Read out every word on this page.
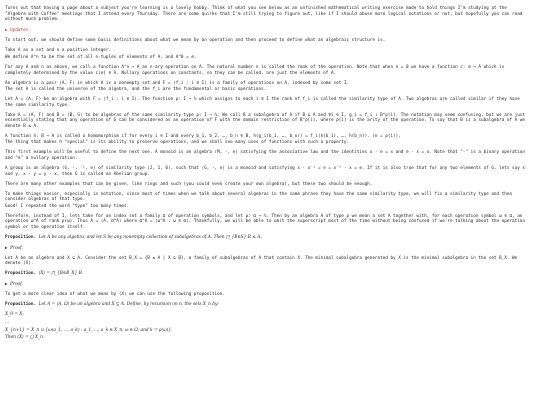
Turns out that having a page about a subject you're learning is a lovely hobby. Think of what you see below as an unfinished mathematical writing exercise made to hold things I'm studying at the "Algebra with Coffee" meetings that I attend every Thursday. There are some quirks that I'm still trying to figure out, like if I should abuse more logical notations or not, but hopefully you can read without much problem.

▶ Updates.

To start out, we should define some basic definitions about what we mean by an operation and then proceed to define what an algebraic structure is.

Take A as a set and n a positive integer.

We define A^n to be the set of all n-tuples of elements of A, and A^0 = ∅.

For any A and n as above, we call a function A^n → A an n-ary operation on A. The natural number n is called the rank of the operation. Note that when n = 0 we have a function c: ∅ → A which is completely determined by the value c(∅) ∈ A. Nullary operations on constants, so they can be called, are just the elements of A.

An algebra is a pair ⟨A, F⟩ in which A is a nonempty set and F = ⟨f_i : i ∈ I⟩ is a family of operations on A, indexed by some set I.

The set A is called the universe of the algebra, and the f_i are the fundamental or basic operations.

Let A = ⟨A, F⟩ be an algebra with F = ⟨f_i : i ∈ I⟩. The function ρ: I → ℕ which assigns to each i ∈ I the rank of f_i is called the similarity type of A. Two algebras are called similar if they have the same similarity type.

Take A = ⟨A, F⟩ and B = ⟨B, G⟩ to be algebras of the same similarity type ρ: I → ℕ. We call B a subalgebra of A if B ⊆ A and ∀i ∈ I, g_i = f_i ↾ B^ρ(i). The notation may seem confusing, but we are just essentially stating that any operation of G can be considered as an operation of F with the domain restriction of B^ρ(i), where ρ(i) is the arity of the operation. To say that B is a subalgebra of A we denote B ≤ A.

A function h: B → A is called a homomorphism if for every i ∈ I and every b_1, b_2, …, b_n ∈ B, h(g_i(b_1, …, b_n)) = f_i(h(b_1), …, h(b_n)). (n = ρ(i)).

The thing that makes h "special" is its ability to preserve operations, and we shall see many uses of functions with such a property.

This first example will be useful to define the next one. A monoid is an algebra ⟨M, ·, e⟩ satisfying the associative law and the identities x · e = x and e · x = x. Note that "·" is a binary operation and "e" a nullary operation.

A group is an algebra ⟨G, ·, ⁻¹, e⟩ of similarity type ⟨2, 1, 0⟩, such that ⟨G, ·, e⟩ is a monoid and satisfying x · x⁻¹ = e = x⁻¹ · x = e. If it is also true that for any two elements of G, lets say x and y, x · y = y · x, then G is called an Abelian group.

There are many other examples that can be given, like rings and such (you could even create your own algebra), but these two should be enough.

To make things easier, especially in notation, since most of times when we talk about several algebras in the same phrase they have the same similarity type, we will fix a similarity type and then consider algebras of that type.

Good! I repeated the word "type" too many times.

Therefore, instead of I, lets take for an index set a family Ω of operation symbols, and let ρ: Ω → ℕ. Then by an algebra A of type ρ we mean a set A together with, for each operation symbol ω ∈ Ω, an operation ω^A of rank ρ(ω). Thus A = ⟨A, Ω^A⟩ where Ω^A = ⟨ω^A : ω ∈ Ω⟩. Thankfully, we will be able to omit the superscript most of the time without being confused if we're talking about the operation symbol or the operation itself.

Proposition. Let A be any algebra, and let S be any nonempty collection of subalgebras of A. Then ⋂_{B∈S} B ≤ A.

▶ Proof.

Let A be an algebra and X ⊆ A. Consider the set B_X = {B ≤ A | X ⊆ B}, a family of subalgebras of A that contain X. The minimal subalgebra generated by X is the minimal subalgebra in the set B_X. We denote ⟨X⟩.

Proposition. ⟨X⟩ = ⋂_{B∈B_X} B.

▶ Proof.

To get a more clear idea of what we mean by ⟨X⟩ we can use the following proposition.

Proposition. Let A = ⟨A, Ω⟩ be an algebra and X ⊆ A. Define, by recursion on n, the sets X_n by:

X_0 = X;
...
X_{n+1} = X_n ∪ {ω(a_1, …, a_k) : a_1, …, a_k ∈ X_n, ω ∈ Ω, and k = ρ(ω)}.
Then ⟨X⟩ = ⋃ X_n.
